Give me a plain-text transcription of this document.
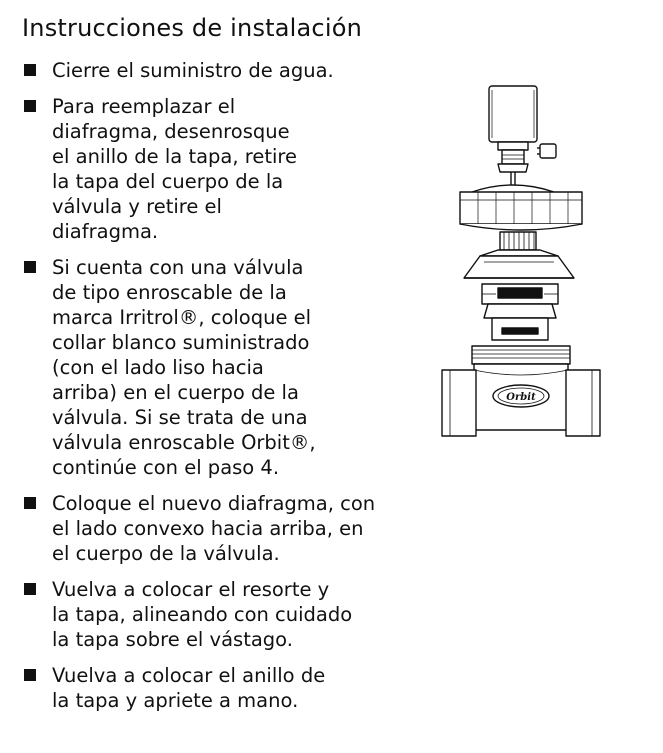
Instrucciones de instalación
Cierre el suministro de agua.
Para reemplazar el
diafragma, desenrosque
el anillo de la tapa, retire
la tapa del cuerpo de la
válvula y retire el
diafragma.
Si cuenta con una válvula
de tipo enroscable de la
marca Irritrol®, coloque el
collar blanco suministrado
(con el lado liso hacia
arriba) en el cuerpo de la
válvula. Si se trata de una
válvula enroscable Orbit®,
continúe con el paso 4.
Coloque el nuevo diafragma, con
el lado convexo hacia arriba, en
el cuerpo de la válvula.
Vuelva a colocar el resorte y
la tapa, alineando con cuidado
la tapa sobre el vástago.
Vuelva a colocar el anillo de
la tapa y apriete a mano.
Orbit
